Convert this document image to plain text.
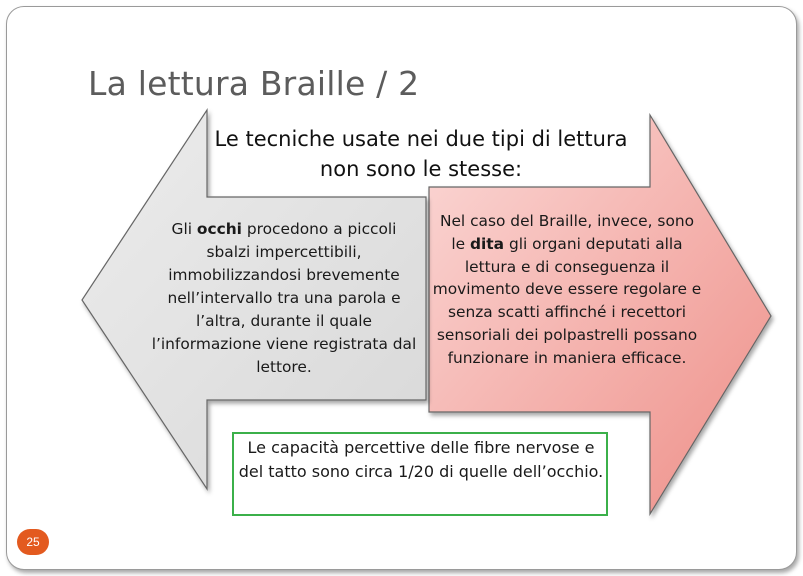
La lettura Braille / 2
Le tecniche usate nei due tipi di lettura non sono le stesse:
Gli occhi procedono a piccoli sbalzi impercettibili, immobilizzandosi brevemente nell’intervallo tra una parola e l’altra, durante il quale l’informazione viene registrata dal lettore.
Nel caso del Braille, invece, sono le dita gli organi deputati alla lettura e di conseguenza il movimento deve essere regolare e senza scatti affinché i recettori sensoriali dei polpastrelli possano funzionare in maniera efficace.
Le capacità percettive delle fibre nervose e del tatto sono circa 1/20 di quelle dell’occhio.
25
